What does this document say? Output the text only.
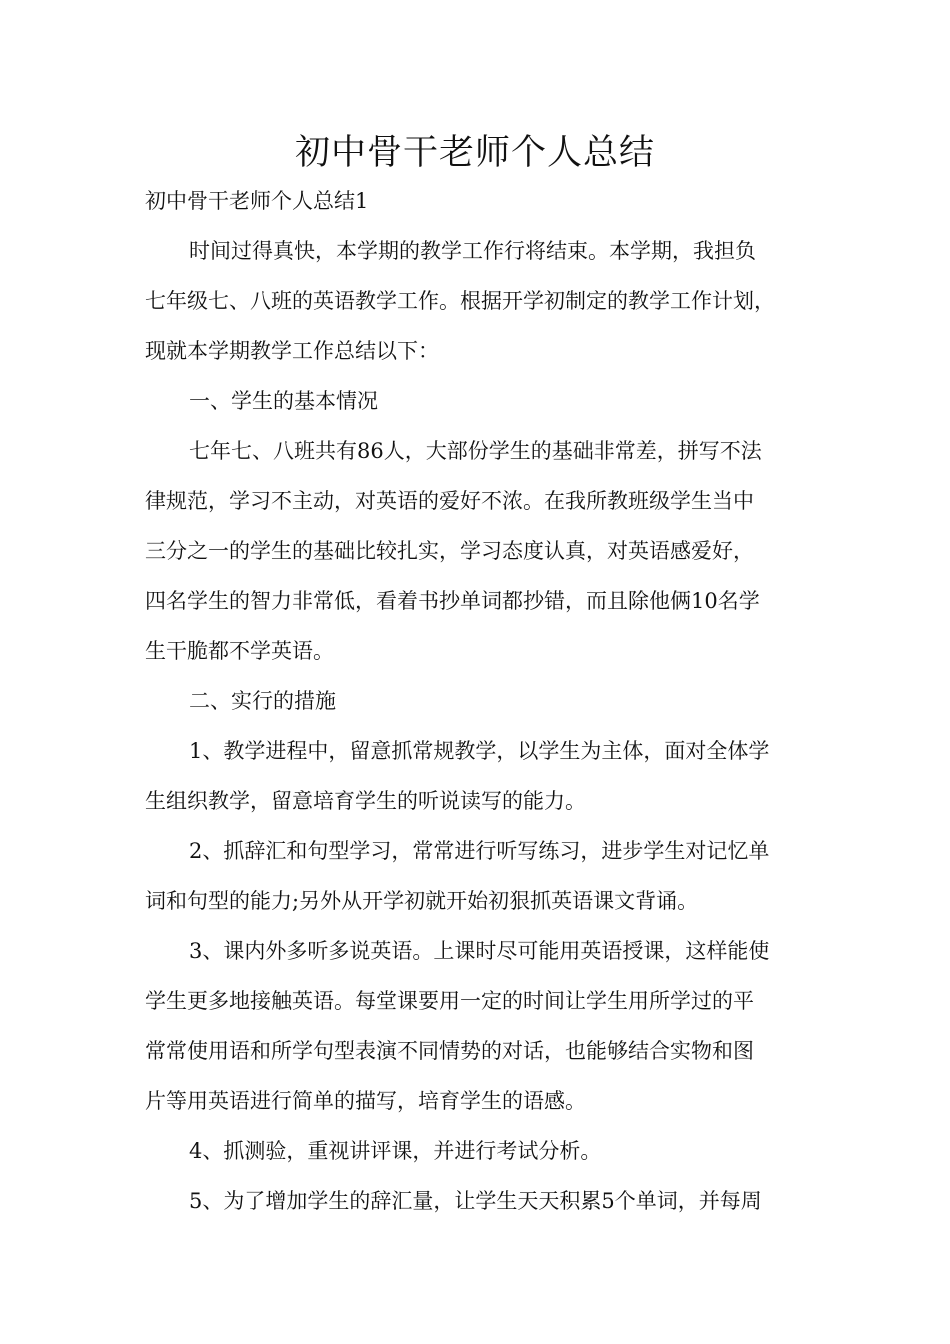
初中骨干老师个人总结
初中骨干老师个人总结1
时间过得真快，本学期的教学工作行将结束。本学期，我担负
七年级七、八班的英语教学工作。根据开学初制定的教学工作计划，
现就本学期教学工作总结以下：
一、学生的基本情况
七年七、八班共有86人，大部份学生的基础非常差，拼写不法
律规范，学习不主动，对英语的爱好不浓。在我所教班级学生当中
三分之一的学生的基础比较扎实，学习态度认真，对英语感爱好，
四名学生的智力非常低，看着书抄单词都抄错，而且除他俩10名学
生干脆都不学英语。
二、实行的措施
1、教学进程中，留意抓常规教学，以学生为主体，面对全体学
生组织教学，留意培育学生的听说读写的能力。
2、抓辞汇和句型学习，常常进行听写练习，进步学生对记忆单
词和句型的能力;另外从开学初就开始初狠抓英语课文背诵。
3、课内外多听多说英语。上课时尽可能用英语授课，这样能使
学生更多地接触英语。每堂课要用一定的时间让学生用所学过的平
常常使用语和所学句型表演不同情势的对话，也能够结合实物和图
片等用英语进行简单的描写，培育学生的语感。
4、抓测验，重视讲评课，并进行考试分析。
5、为了增加学生的辞汇量，让学生天天积累5个单词，并每周
